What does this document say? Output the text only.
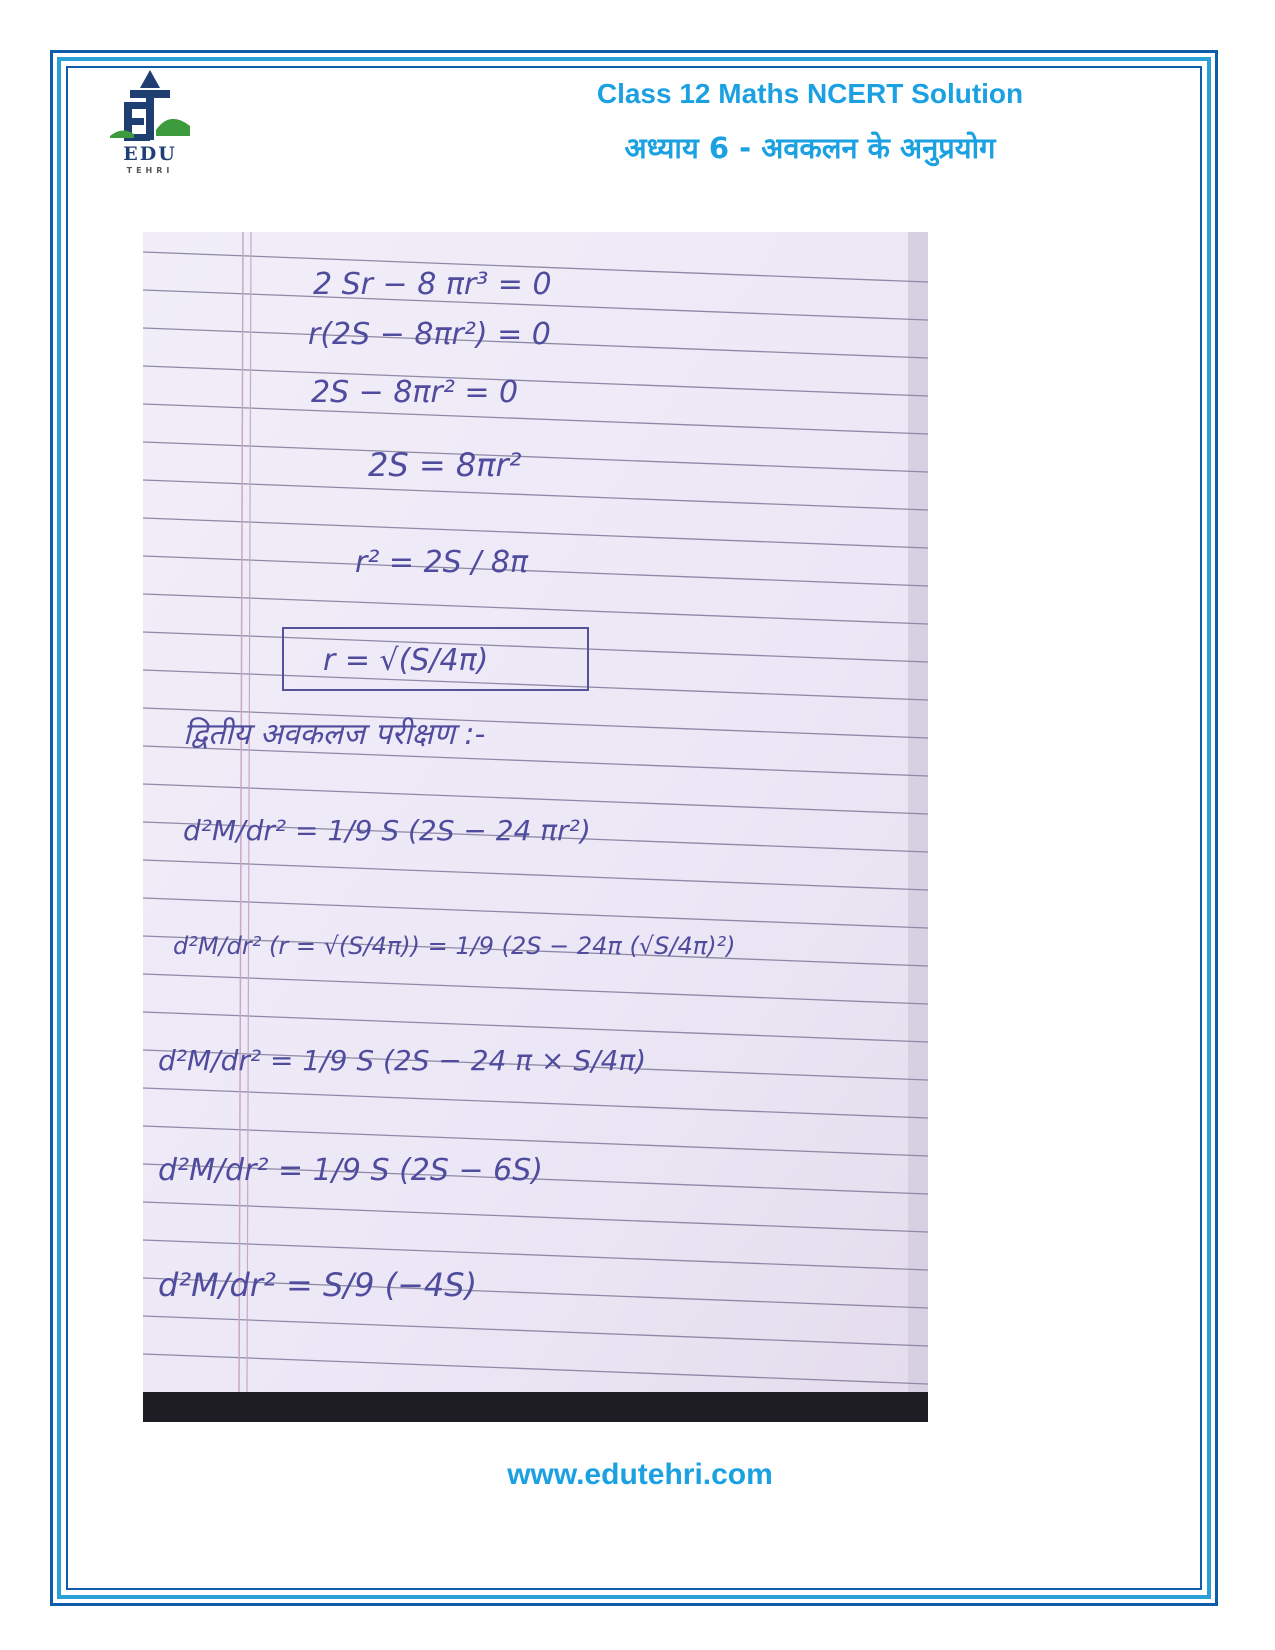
EDU
TEHRI
Class 12 Maths NCERT Solution
अध्याय 6 - अवकलन के अनुप्रयोग
2 Sr − 8 πr³ = 0
r(2S − 8πr²) = 0
2S − 8πr² = 0
2S = 8πr²
r² = 2S / 8π
r = √(S/4π)
द्वितीय अवकलज परीक्षण :-
d²M/dr² = 1/9 S (2S − 24 πr²)
d²M/dr² (r = √(S/4π)) = 1/9 (2S − 24π (√S/4π)²)
d²M/dr² = 1/9 S (2S − 24 π × S/4π)
d²M/dr² = 1/9 S (2S − 6S)
d²M/dr² = S/9 (−4S)
www.edutehri.com
